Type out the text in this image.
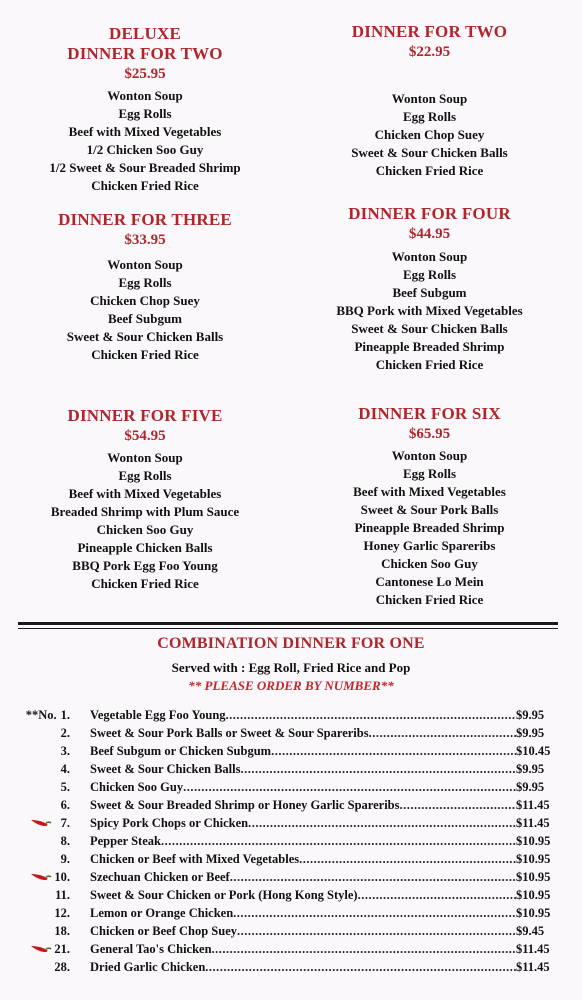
DELUXE
DINNER FOR TWO
$25.95
Wonton Soup
Egg Rolls
Beef with Mixed Vegetables
1/2 Chicken Soo Guy
1/2 Sweet & Sour Breaded Shrimp
Chicken Fried Rice
DINNER FOR TWO
$22.95
Wonton Soup
Egg Rolls
Chicken Chop Suey
Sweet & Sour Chicken Balls
Chicken Fried Rice
DINNER FOR THREE
$33.95
Wonton Soup
Egg Rolls
Chicken Chop Suey
Beef Subgum
Sweet & Sour Chicken Balls
Chicken Fried Rice
DINNER FOR FOUR
$44.95
Wonton Soup
Egg Rolls
Beef Subgum
BBQ Pork with Mixed Vegetables
Sweet & Sour Chicken Balls
Pineapple Breaded Shrimp
Chicken Fried Rice
DINNER FOR FIVE
$54.95
Wonton Soup
Egg Rolls
Beef with Mixed Vegetables
Breaded Shrimp with Plum Sauce
Chicken Soo Guy
Pineapple Chicken Balls
BBQ Pork Egg Foo Young
Chicken Fried Rice
DINNER FOR SIX
$65.95
Wonton Soup
Egg Rolls
Beef with Mixed Vegetables
Sweet & Sour Pork Balls
Pineapple Breaded Shrimp
Honey Garlic Spareribs
Chicken Soo Guy
Cantonese Lo Mein
Chicken Fried Rice
COMBINATION DINNER FOR ONE
Served with : Egg Roll, Fried Rice and Pop
** PLEASE ORDER BY NUMBER**
**No. 1. Vegetable Egg Foo Young .....	$9.95
2. Sweet & Sour Pork Balls or Sweet & Sour Spareribs .....	$9.95
3. Beef Subgum or Chicken Subgum .....	$10.45
4. Sweet & Sour Chicken Balls .....	$9.95
5. Chicken Soo Guy .....	$9.95
6. Sweet & Sour Breaded Shrimp or Honey Garlic Spareribs .....	$11.45
7. Spicy Pork Chops or Chicken .....	$11.45
8. Pepper Steak .....	$10.95
9. Chicken or Beef with Mixed Vegetables .....	$10.95
10. Szechuan Chicken or Beef .....	$10.95
11. Sweet & Sour Chicken or Pork (Hong Kong Style) .....	$10.95
12. Lemon or Orange Chicken .....	$10.95
18. Chicken or Beef Chop Suey .....	$9.45
21. General Tao's Chicken .....	$11.45
28. Dried Garlic Chicken .....	$11.45
